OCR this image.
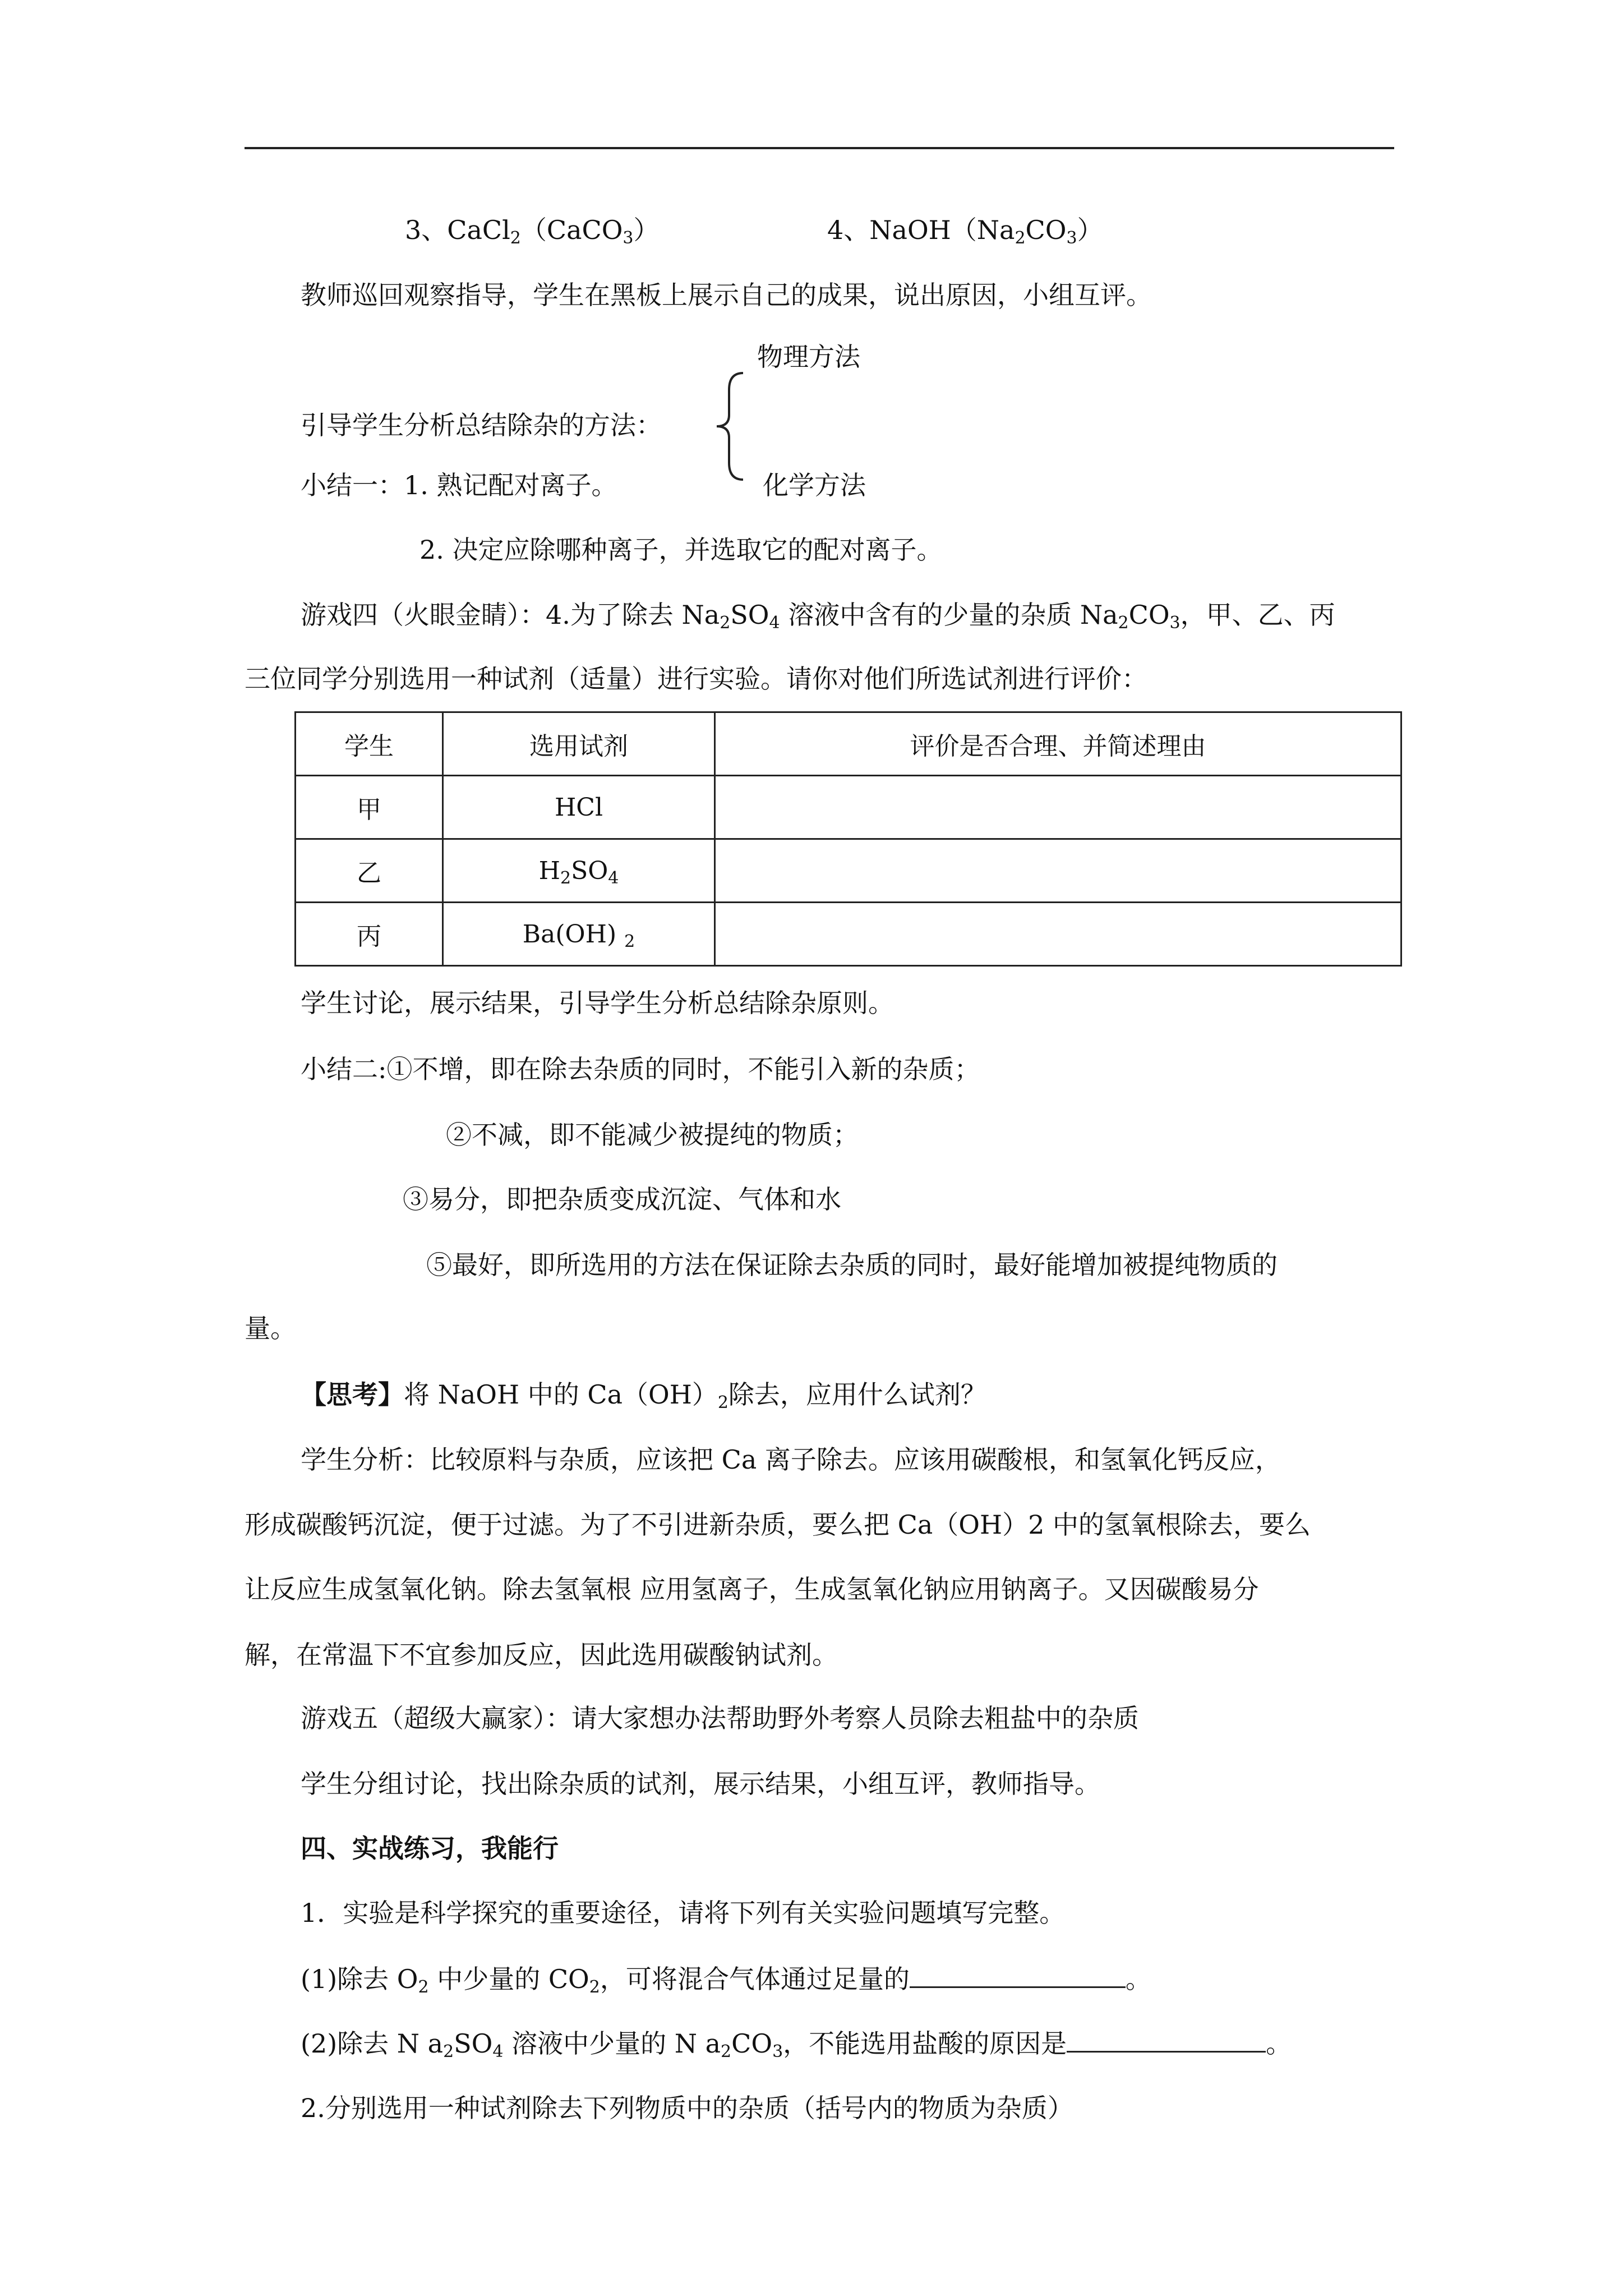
3、CaCl$_2$（CaCO$_3$）	4、$NaOH(Na_2CO_3)$
教师巡回观察指导，学生在黑板上展示自己的成果，说出原因，小组互评。
物理方法
引导学生分析总结除杂的方法：
小结一：1. 熟记配对离子。	化学方法
2. 决定应除哪种离子，并选取它的配对离子。
游戏四（火眼金睛）：4.为了除去 $Na_2SO_4$ 溶液中含有的少量的杂质 $Na_2CO_3$，甲、乙、丙
三位同学分别选用一种试剂（适量）进行实验。请你对他们所选试剂进行评价：
学生	选用试剂	评价是否合理、并简述理由
甲	HCl	
乙	$H_2SO_4$	
丙	Ba(OH) $_2$	
学生讨论，展示结果，引导学生分析总结除杂原则。
小结二:①不增，即在除去杂质的同时，不能引入新的杂质；
②不减，即不能减少被提纯的物质；
③易分，即把杂质变成沉淀、气体和水
⑤最好，即所选用的方法在保证除去杂质的同时，最好能增加被提纯物质的
量。
【思考】将 NaOH 中的 $Ca(OH)_2$除去，应用什么试剂？
学生分析：比较原料与杂质，应该把 Ca 离子除去。应该用碳酸根，和氢氧化钙反应，
形成碳酸钙沉淀，便于过滤。为了不引进新杂质，要么把 Ca（OH）2 中的氢氧根除去，要么
让反应生成氢氧化钠。除去氢氧根 应用氢离子，生成氢氧化钠应用钠离子。又因碳酸易分
解，在常温下不宜参加反应，因此选用碳酸钠试剂。
游戏五（超级大赢家）：请大家想办法帮助野外考察人员除去粗盐中的杂质
学生分组讨论，找出除杂质的试剂，展示结果，小组互评，教师指导。
四、实战练习，我能行
1．实验是科学探究的重要途径，请将下列有关实验问题填写完整。
(1)除去 $O_2$ 中少量的 $CO_2$，可将混合气体通过足量的	。
(2)除去 N $a_2SO_4$ 溶液中少量的 N $a_2CO_3$，不能选用盐酸的原因是	。
2.分别选用一种试剂除去下列物质中的杂质（括号内的物质为杂质）
